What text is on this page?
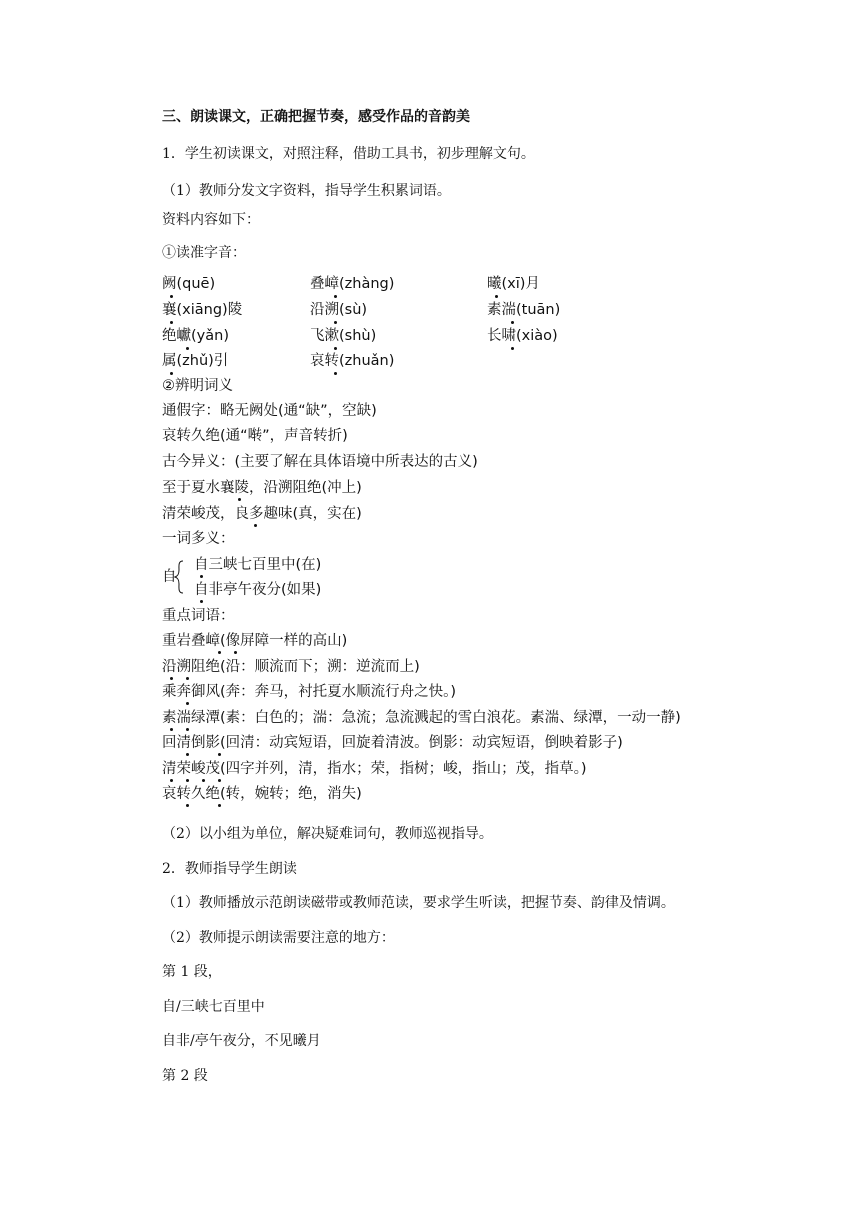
三、朗读课文，正确把握节奏，感受作品的音韵美
1．学生初读课文，对照注释，借助工具书，初步理解文句。
（1）教师分发文字资料，指导学生积累词语。
资料内容如下：
①读准字音：
阙(quē)	叠嶂(zhàng)	曦(xī)月
襄(xiāng)陵	沿溯(sù)	素湍(tuān)
绝巘(yǎn)	飞漱(shù)	长啸(xiào)
属(zhǔ)引	哀转(zhuǎn)
②辨明词义
通假字：略无阙处(通“缺”，空缺)
哀转久绝(通“啭”，声音转折)
古今异义：(主要了解在具体语境中所表达的古义)
至于夏水襄陵，沿溯阻绝(冲上)
清荣峻茂，良多趣味(真，实在)
一词多义：
自
自三峡七百里中(在)
自非亭午夜分(如果)
重点词语：
重岩叠嶂(像屏障一样的高山)
沿溯阻绝(沿：顺流而下；溯：逆流而上)
乘奔御风(奔：奔马，衬托夏水顺流行舟之快。)
素湍绿潭(素：白色的；湍：急流；急流溅起的雪白浪花。素湍、绿潭，一动一静)
回清倒影(回清：动宾短语，回旋着清波。倒影：动宾短语，倒映着影子)
清荣峻茂(四字并列，清，指水；荣，指树；峻，指山；茂，指草。)
哀转久绝(转，婉转；绝，消失)
（2）以小组为单位，解决疑难词句，教师巡视指导。
2．教师指导学生朗读
（1）教师播放示范朗读磁带或教师范读，要求学生听读，把握节奏、韵律及情调。
（2）教师提示朗读需要注意的地方：
第 1 段，
自/三峡七百里中
自非/亭午夜分，不见曦月
第 2 段
